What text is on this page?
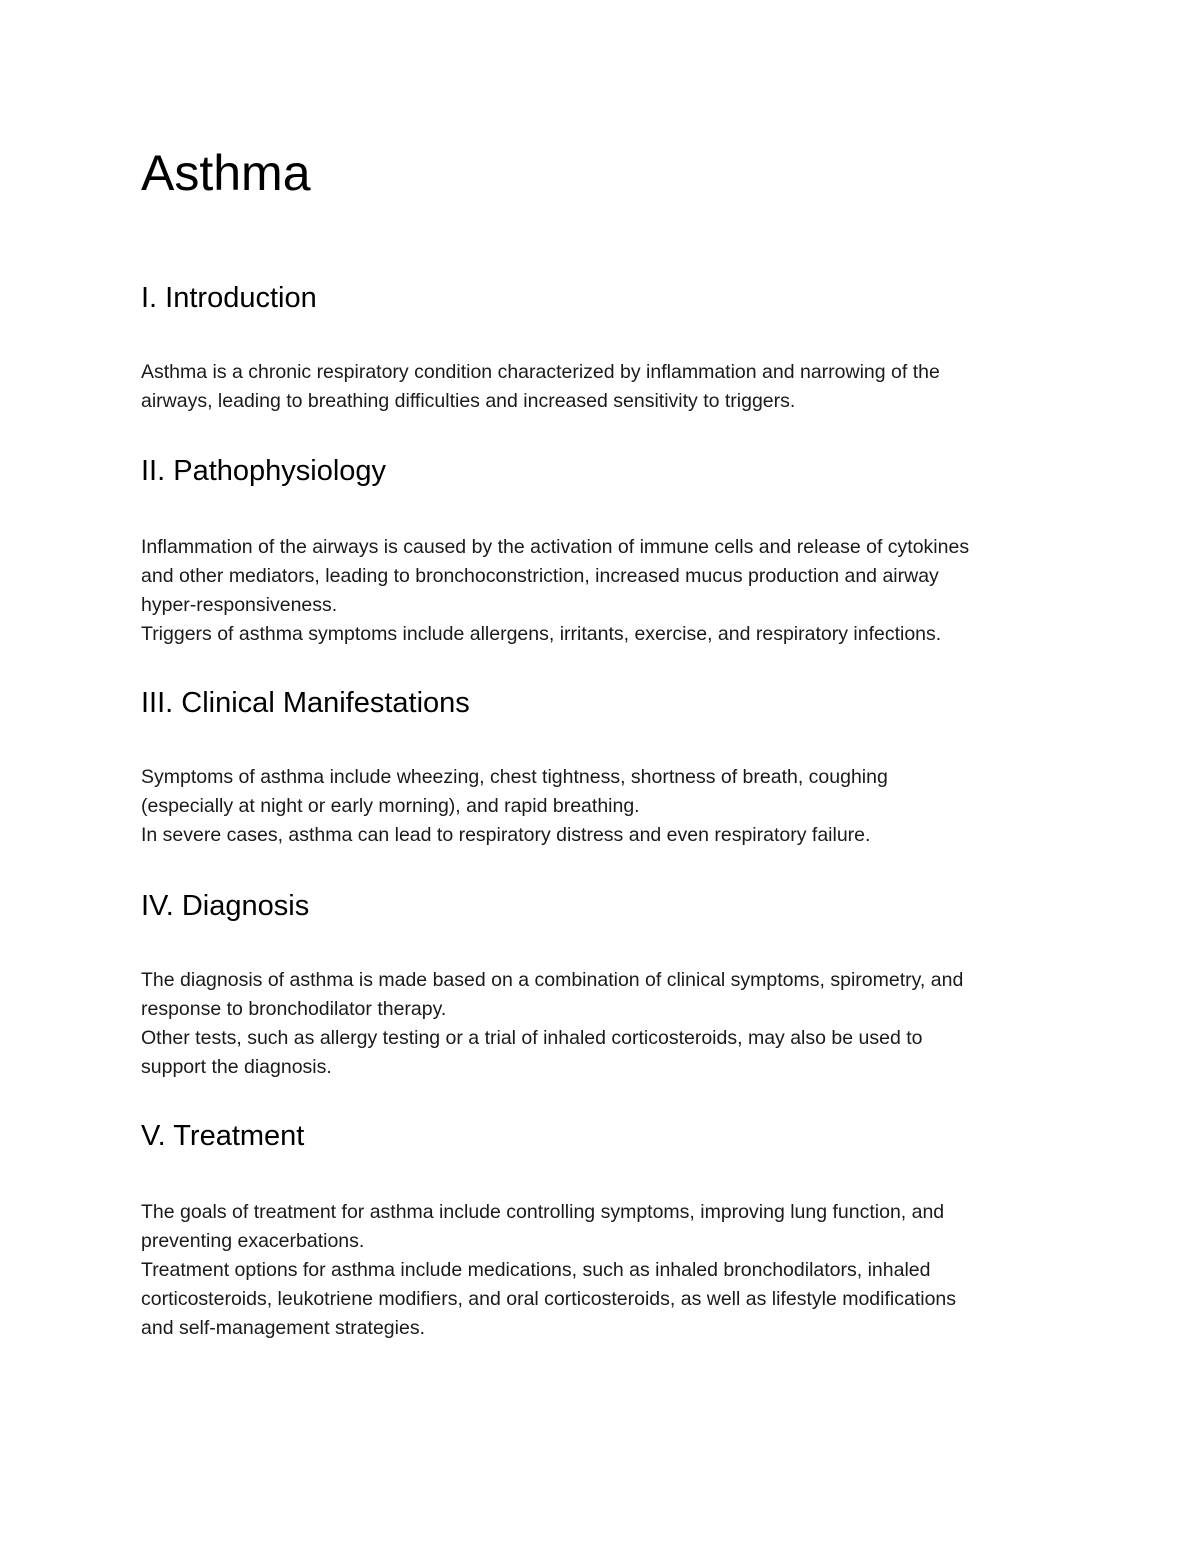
Asthma
I. Introduction
Asthma is a chronic respiratory condition characterized by inflammation and narrowing of the
airways, leading to breathing difficulties and increased sensitivity to triggers.
II. Pathophysiology
Inflammation of the airways is caused by the activation of immune cells and release of cytokines
and other mediators, leading to bronchoconstriction, increased mucus production and airway
hyper-responsiveness.
Triggers of asthma symptoms include allergens, irritants, exercise, and respiratory infections.
III. Clinical Manifestations
Symptoms of asthma include wheezing, chest tightness, shortness of breath, coughing
(especially at night or early morning), and rapid breathing.
In severe cases, asthma can lead to respiratory distress and even respiratory failure.
IV. Diagnosis
The diagnosis of asthma is made based on a combination of clinical symptoms, spirometry, and
response to bronchodilator therapy.
Other tests, such as allergy testing or a trial of inhaled corticosteroids, may also be used to
support the diagnosis.
V. Treatment
The goals of treatment for asthma include controlling symptoms, improving lung function, and
preventing exacerbations.
Treatment options for asthma include medications, such as inhaled bronchodilators, inhaled
corticosteroids, leukotriene modifiers, and oral corticosteroids, as well as lifestyle modifications
and self-management strategies.
